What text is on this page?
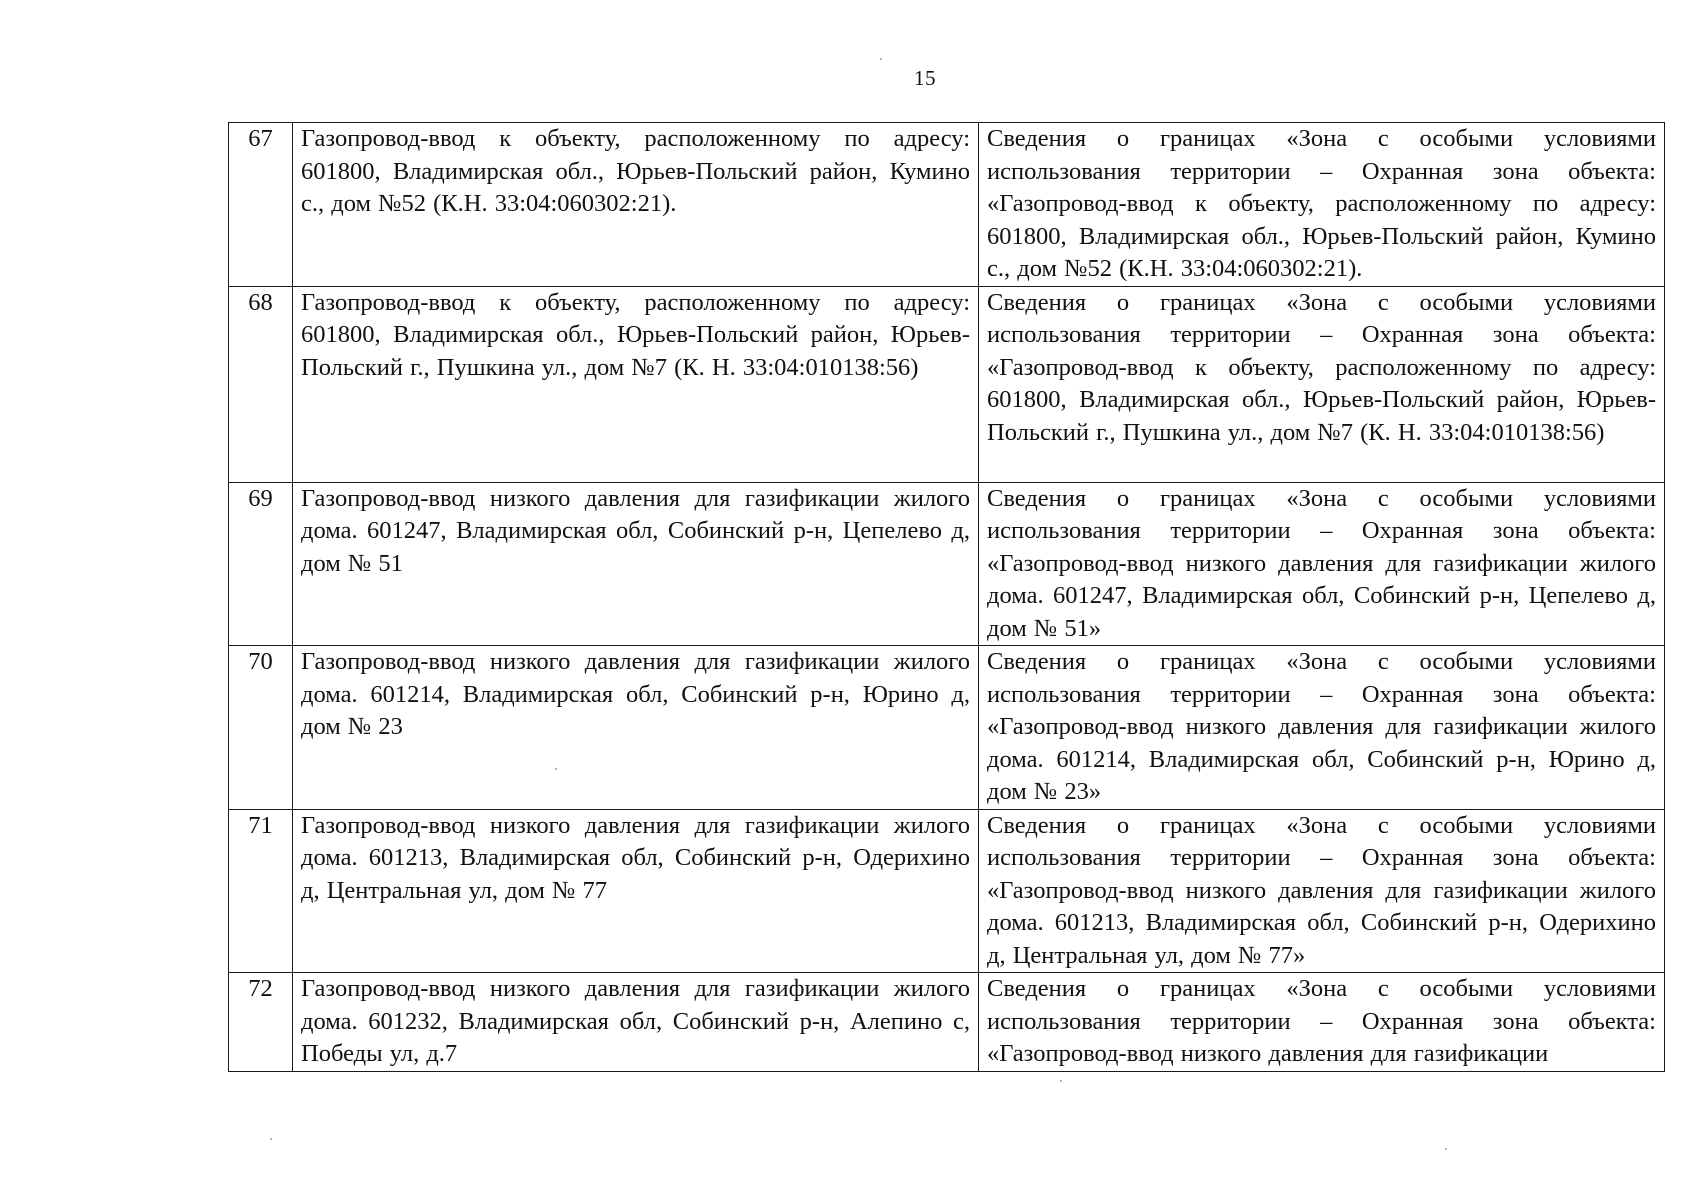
15
67	Газопровод-ввод к объекту, расположенному по адресу: 601800, Владимирская обл., Юрьев-Польский район, Кумино с., дом №52 (К.Н. 33:04:060302:21).	Сведения о границах «Зона с особыми условиями использования территории – Охранная зона объекта: «Газопровод-ввод к объекту, расположенному по адресу: 601800, Владимирская обл., Юрьев-Польский район, Кумино с., дом №52 (К.Н. 33:04:060302:21).
68	Газопровод-ввод к объекту, расположенному по адресу: 601800, Владимирская обл., Юрьев-Польский район, Юрьев-Польский г., Пушкина ул., дом №7 (К. Н. 33:04:010138:56)	Сведения о границах «Зона с особыми условиями использования территории – Охранная зона объекта: «Газопровод-ввод к объекту, расположенному по адресу: 601800, Владимирская обл., Юрьев-Польский район, Юрьев-Польский г., Пушкина ул., дом №7 (К. Н. 33:04:010138:56)
69	Газопровод-ввод низкого давления для газификации жилого дома. 601247, Владимирская обл, Собинский р-н, Цепелево д, дом № 51	Сведения о границах «Зона с особыми условиями использования территории – Охранная зона объекта: «Газопровод-ввод низкого давления для газификации жилого дома. 601247, Владимирская обл, Собинский р-н, Цепелево д, дом № 51»
70	Газопровод-ввод низкого давления для газификации жилого дома. 601214, Владимирская обл, Собинский р-н, Юрино д, дом № 23	Сведения о границах «Зона с особыми условиями использования территории – Охранная зона объекта: «Газопровод-ввод низкого давления для газификации жилого дома. 601214, Владимирская обл, Собинский р-н, Юрино д, дом № 23»
71	Газопровод-ввод низкого давления для газификации жилого дома. 601213, Владимирская обл, Собинский р-н, Одерихино д, Центральная ул, дом № 77	Сведения о границах «Зона с особыми условиями использования территории – Охранная зона объекта: «Газопровод-ввод низкого давления для газификации жилого дома. 601213, Владимирская обл, Собинский р-н, Одерихино д, Центральная ул, дом № 77»
72	Газопровод-ввод низкого давления для газификации жилого дома. 601232, Владимирская обл, Собинский р-н, Алепино с, Победы ул, д.7	Сведения о границах «Зона с особыми условиями использования территории – Охранная зона объекта: «Газопровод-ввод низкого давления для газификации
